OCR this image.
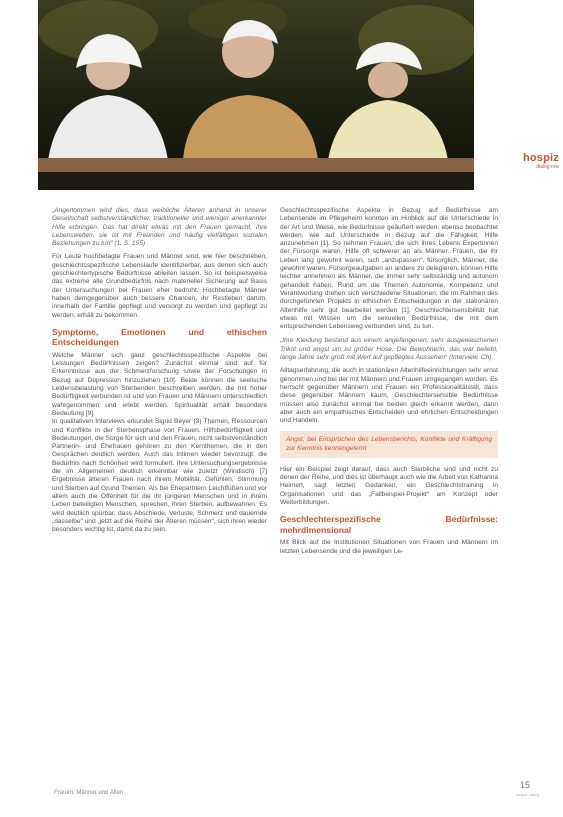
hospiz
dialog nrw

„Angenommen wird dies, dass weibliche Älteren anhand in unserer Gesellschaft selbstverständlicher, traditioneller und weniger anerkannter Hilfe erbringen. Das hat direkt etwas mit den Frauen gemacht, ihre Lebenswelten, sie ist mit Freunden und häufig vielfältigen sozialen Beziehungen zu tun“ (1, S. 155)

Für Leute hochbetagte Frauen und Männer sind, wie hier beschrieben, geschlechtsspezifische Lebenslaufe identifizierbar, aus denen sich auch geschlechtertypische Bedürfnisse ableiten lassen. So ist beispielsweise das extreme alle Grundbedürfnis nach materieller Sicherung auf Basis der Untersuchungen bei Frauen eher bedroht. Hochbetagte Männer haben demgegenüber auch bessere Chancen, ihr Restleben darum, innerhalb der Familie gepflegt und versorgt zu werden und gepflegt zu werden, erhält zu bekommen.

Symptome, Emotionen und ethischen Entscheidungen

Welche Männer sich ganz geschlechtsspezifische Aspekte bei Leistungen Bedürfnissen zeigen? Zunächst einmal sind auf für Erkenntnisse aus der Schmerzforschung sowie der Forschungen in Bezug auf Depression hinzuziehen [10]. Beide können die seelische Leidensbelastung von Sterbenden beschreiben werden, die mit hoher Bedürftigkeit verbunden ist und von Frauen und Männern unterschiedlich wahrgenommen und erlebt werden. Spiritualität erhält besondere Bedeutung [9].

In qualitativen Interviews erkundet Sigrid Beyer (3) Themen, Ressourcen und Konflikte in der Sterbensphase von Frauen. Hilfsbedürftigkeit und Bedeutungen, die Sorge für sich und den Frauen, nicht selbstverständlich Partnerin- und Ehefrauen gehören zu den Kernthemen, die in den Gesprächen deutlich werden. Auch das Intimen wieder bevorzugt: die Bedürfnis nach Schönheit wird formuliert. Ihre Untersuchungsergebnisse die im Allgemeinen deutlich erkennbar wie zuletzt (Windisch) [7] Ergebnisse älteren Frauen nach ihrem Mobilität, Gefühlen, Stimmung und Sterben auf Grund Themen. Als bei Ehepartnern Leichtfüßen und vor allem auch die Offenheit für die ihr jüngeren Menschen und in ihrem Leben beteiligten Menschen, sprechen, ihren Sterben, aufbewahren. Es wird deutlich spürbar, dass Abschiede, Verluste, Schmerz und dauernde „dasselbe“ und „jetzt auf die Reihe der Älteren müssen“, sich ihren wieder besonders wichtig ist, damit da zu sein.

Geschlechtsspezifische Aspekte in Bezug auf Bedürfnisse am Lebensende im Pflegeheim konnten im Hinblick auf die Unterschiede in der Art und Weise, wie Bedürfnisse geäußert werden, ebenso beobachtet werden, wie auf Unterschiede in Bezug auf die Fähigkeit, Hilfe anzunehmen [1]. So nehmen Frauen, die sich ihres Lebens Expertinnen der Fürsorge waren, Hilfe oft schwerer an als Männer. Frauen, die ihr Leben lang gewohnt waren, sich „anzupassen“, fürsorglich, Männer, die gewohnt waren, Fürsorgeaufgaben an andere zu delegieren, können Hilfe leichter annehmen als Männer, die immer sehr selbständig und autonom gehandelt haben. Rund um die Themen Autonomie, Kompetenz und Verantwortung drehen sich verschiedene Situationen, die im Rahmen des durchgeführten Projekts in ethischen Entscheidungen in der stationären Altenhilfe sehr gut bearbeitet werden [1]. Geschlechtersensibilität hat etwas mit Wissen um die sexuellen Bedürfnisse, die mit dem entsprechenden Lebensweg verbunden sind, zu tun.

„Ihre Kleidung bestand aus einem angefangenen, sehr ausgewaschenen Trikot und angst um ist größer Hose. Die Bewohnerin, das war beliebt, lange Jahre sehr groß mit Wert auf gepflegtes Aussehen“ (Interview, Ch).

Alltagserfahrung, die auch in stationären Altenhilfeeinrichtungen sehr ernst genommen und bei der mit Männern und Frauen umgegangen worden. Es herrscht gegenüber Männern und Frauen ein Professionalitätsstil, dass diese gegenüber Männern kaum, Geschlechtersensible Bedürfnisse müssen also zunächst einmal bei beiden gleich erkannt werden, dann aber auch ein empathisches Entscheiden und ehrlichen Entscheidungen und Handeln.

Angst, bei Einsprüchen des Lebensberichts, Konflikte und Kräftigung zur Kenntnis kennengelernt

Hier ein Beispiel zeigt darauf, dass auch Sterbliche sind und nicht zu denen der Reihe, und dies ist überhaupt auch wie die Arbeit von Katharina Heimerl, sagt letzten Gedanken, ein Geschlechtstraining in Organisationen und das „Fallbeispiel-Projekt“ am Konzept oder Weiterbildungen.

Geschlechterspezifische Bedürfnisse: mehrdimensional

Mit Blick auf die Institutionen Situationen von Frauen und Männern im letzten Lebensende und die jeweiligen Le-

Frauen, Männer und Alten
15
hospiz dialog
